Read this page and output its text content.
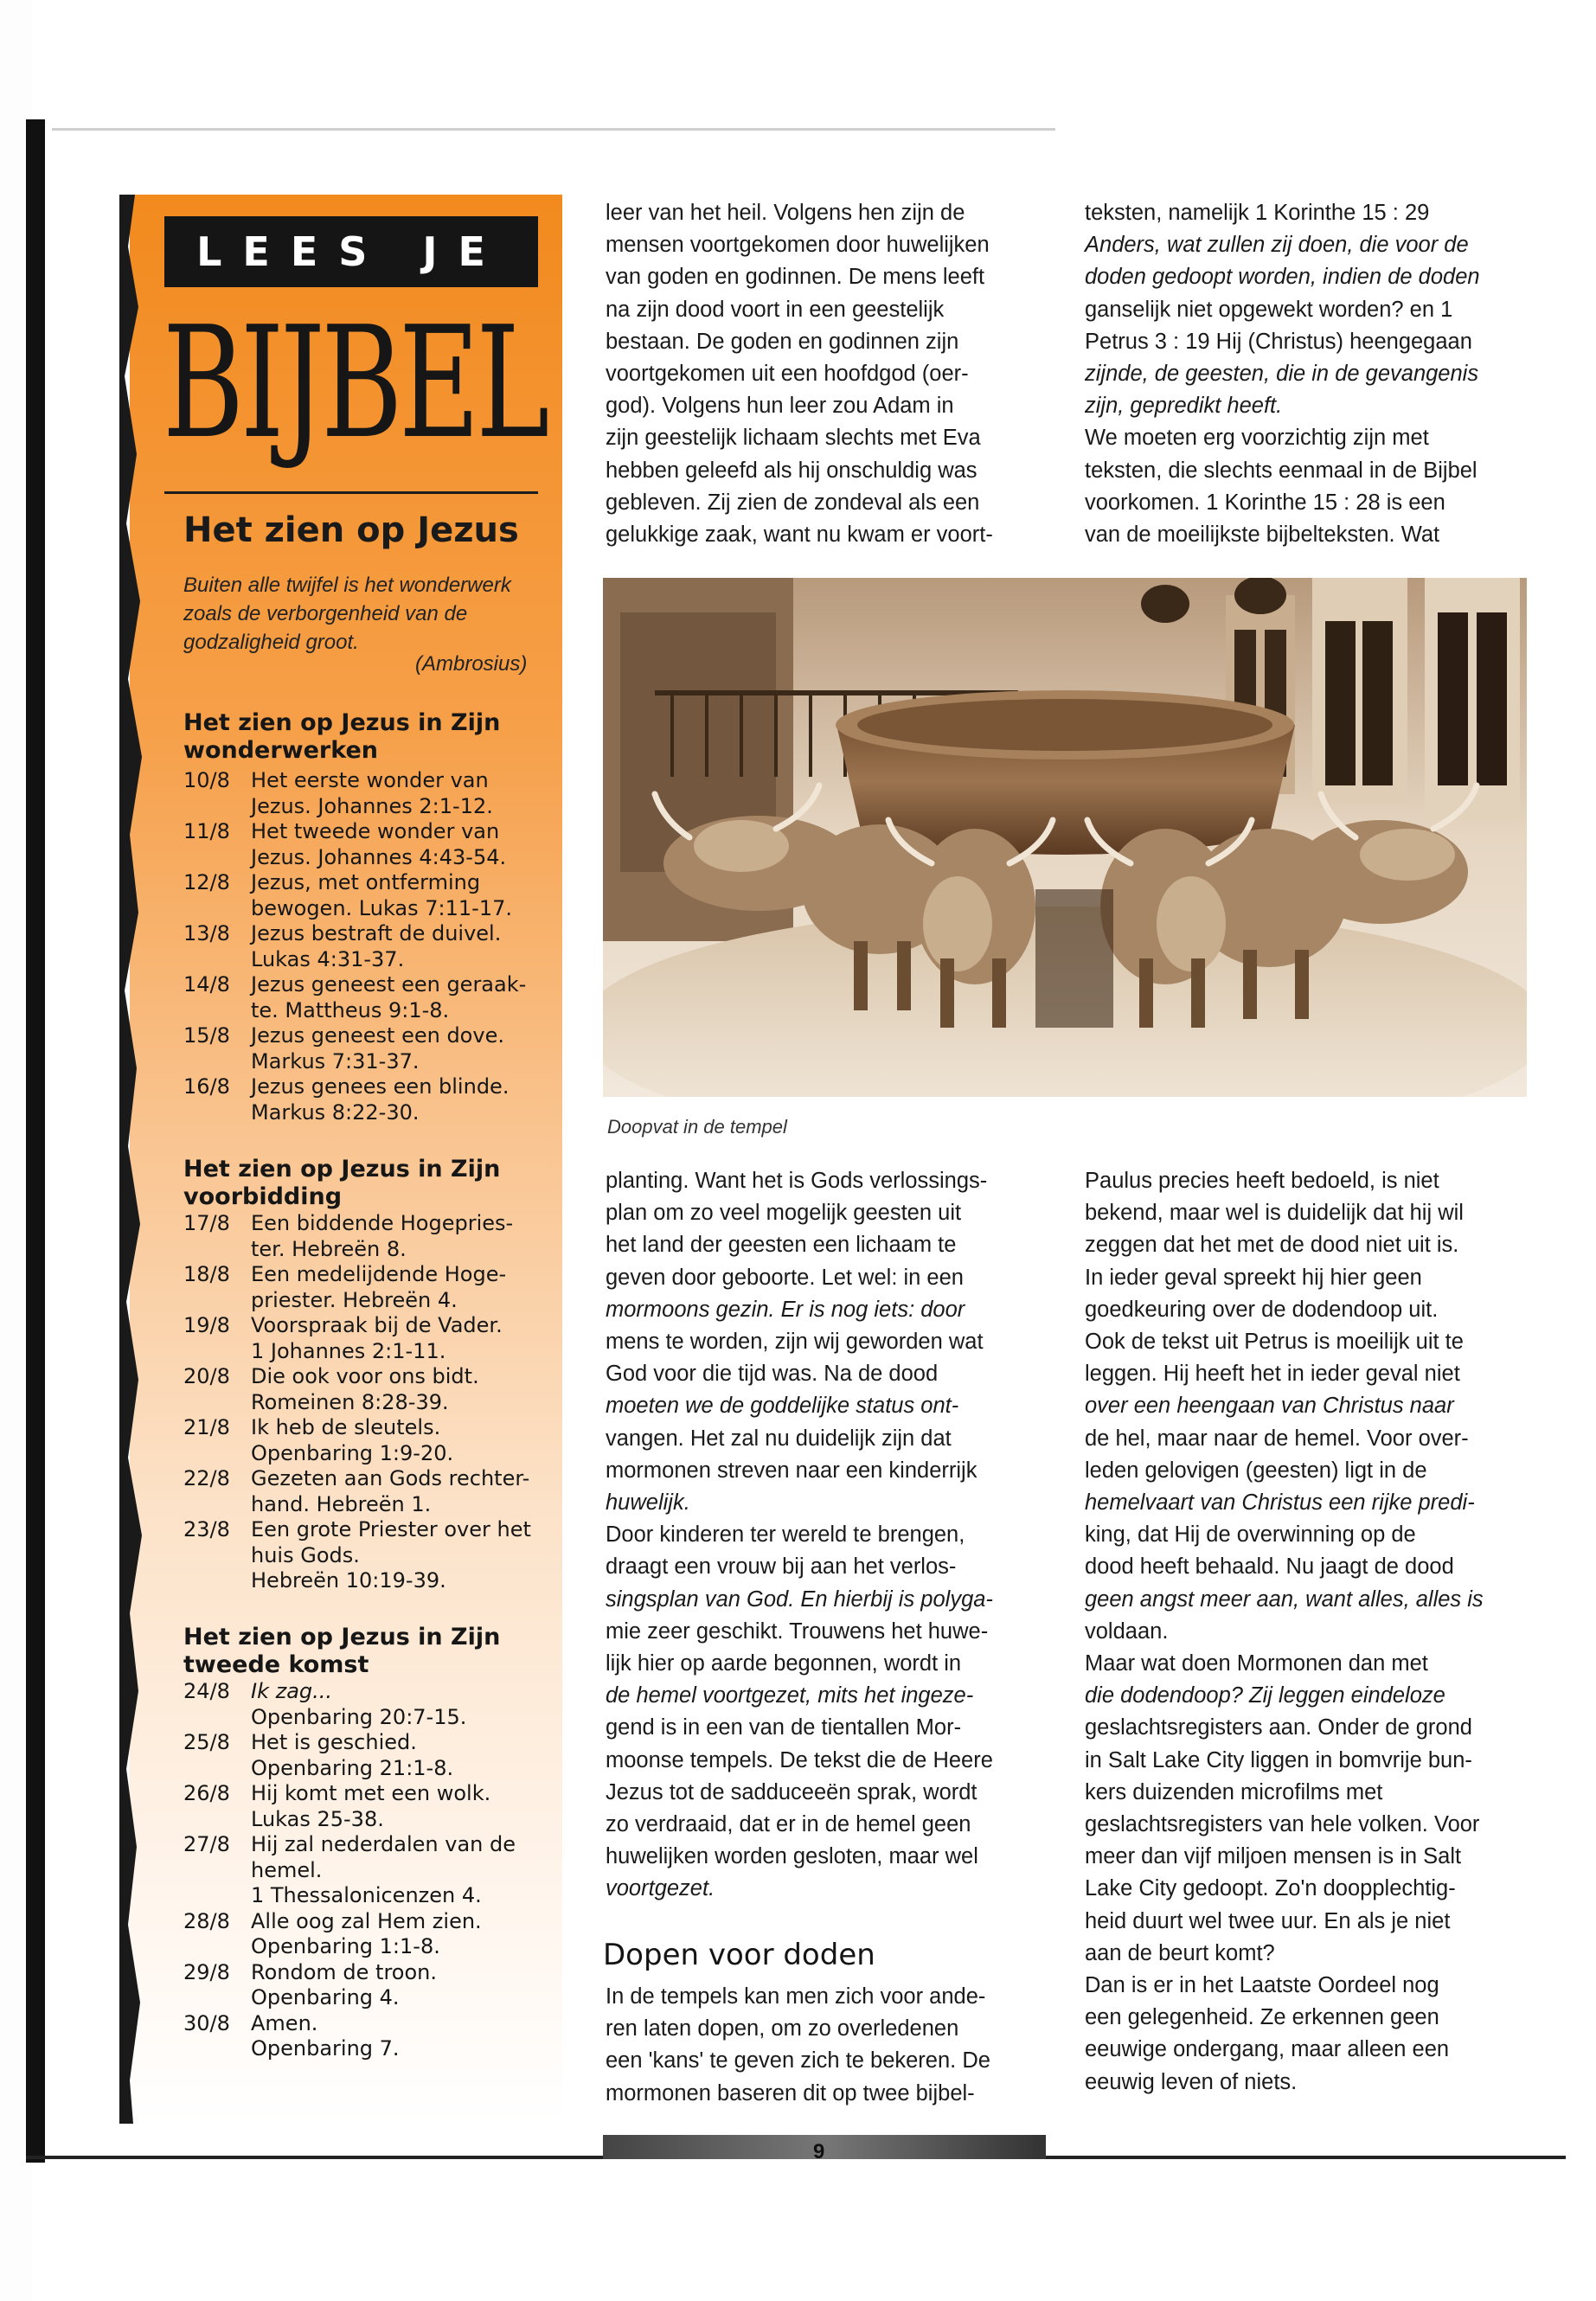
LEES JE
BIJBEL
Het zien op Jezus
Buiten alle twijfel is het wonderwerk zoals de verborgenheid van de godzaligheid groot.
(Ambrosius)
Het zien op Jezus in Zijn
wonderwerken
10/8	Het eerste wonder van
Jezus. Johannes 2:1-12.
11/8	Het tweede wonder van
Jezus. Johannes 4:43-54.
12/8	Jezus, met ontferming
bewogen. Lukas 7:11-17.
13/8	Jezus bestraft de duivel.
Lukas 4:31-37.
14/8	Jezus geneest een geraak-
te. Mattheus 9:1-8.
15/8	Jezus geneest een dove.
Markus 7:31-37.
16/8	Jezus genees een blinde.
Markus 8:22-30.
Het zien op Jezus in Zijn
voorbidding
17/8	Een biddende Hogepries-
ter. Hebreën 8.
18/8	Een medelijdende Hoge-
priester. Hebreën 4.
19/8	Voorspraak bij de Vader.
1 Johannes 2:1-11.
20/8	Die ook voor ons bidt.
Romeinen 8:28-39.
21/8	Ik heb de sleutels.
Openbaring 1:9-20.
22/8	Gezeten aan Gods rechter-
hand. Hebreën 1.
23/8	Een grote Priester over het
huis Gods.
Hebreën 10:19-39.
Het zien op Jezus in Zijn
tweede komst
24/8	Ik zag...
Openbaring 20:7-15.
25/8	Het is geschied.
Openbaring 21:1-8.
26/8	Hij komt met een wolk.
Lukas 25-38.
27/8	Hij zal nederdalen van de
hemel.
1 Thessalonicenzen 4.
28/8	Alle oog zal Hem zien.
Openbaring 1:1-8.
29/8	Rondom de troon.
Openbaring 4.
30/8	Amen.
Openbaring 7.
leer van het heil. Volgens hen zijn de
mensen voortgekomen door huwelijken
van goden en godinnen. De mens leeft
na zijn dood voort in een geestelijk
bestaan. De goden en godinnen zijn
voortgekomen uit een hoofdgod (oer-
god). Volgens hun leer zou Adam in
zijn geestelijk lichaam slechts met Eva
hebben geleefd als hij onschuldig was
gebleven. Zij zien de zondeval als een
gelukkige zaak, want nu kwam er voort-
teksten, namelijk 1 Korinthe 15 : 29
Anders, wat zullen zij doen, die voor de
doden gedoopt worden, indien de doden
ganselijk niet opgewekt worden? en 1
Petrus 3 : 19 Hij (Christus) heengegaan
zijnde, de geesten, die in de gevangenis
zijn, gepredikt heeft.
We moeten erg voorzichtig zijn met
teksten, die slechts eenmaal in de Bijbel
voorkomen. 1 Korinthe 15 : 28 is een
van de moeilijkste bijbelteksten. Wat
Doopvat in de tempel
planting. Want het is Gods verlossings-
plan om zo veel mogelijk geesten uit
het land der geesten een lichaam te
geven door geboorte. Let wel: in een
mormoons gezin. Er is nog iets: door
mens te worden, zijn wij geworden wat
God voor die tijd was. Na de dood
moeten we de goddelijke status ont-
vangen. Het zal nu duidelijk zijn dat
mormonen streven naar een kinderrijk
huwelijk.
Door kinderen ter wereld te brengen,
draagt een vrouw bij aan het verlos-
singsplan van God. En hierbij is polyga-
mie zeer geschikt. Trouwens het huwe-
lijk hier op aarde begonnen, wordt in
de hemel voortgezet, mits het ingeze-
gend is in een van de tientallen Mor-
moonse tempels. De tekst die de Heere
Jezus tot de sadduceeën sprak, wordt
zo verdraaid, dat er in de hemel geen
huwelijken worden gesloten, maar wel
voortgezet.
Dopen voor doden
In de tempels kan men zich voor ande-
ren laten dopen, om zo overledenen
een 'kans' te geven zich te bekeren. De
mormonen baseren dit op twee bijbel-
Paulus precies heeft bedoeld, is niet
bekend, maar wel is duidelijk dat hij wil
zeggen dat het met de dood niet uit is.
In ieder geval spreekt hij hier geen
goedkeuring over de dodendoop uit.
Ook de tekst uit Petrus is moeilijk uit te
leggen. Hij heeft het in ieder geval niet
over een heengaan van Christus naar
de hel, maar naar de hemel. Voor over-
leden gelovigen (geesten) ligt in de
hemelvaart van Christus een rijke predi-
king, dat Hij de overwinning op de
dood heeft behaald. Nu jaagt de dood
geen angst meer aan, want alles, alles is
voldaan.
Maar wat doen Mormonen dan met
die dodendoop? Zij leggen eindeloze
geslachtsregisters aan. Onder de grond
in Salt Lake City liggen in bomvrije bun-
kers duizenden microfilms met
geslachtsregisters van hele volken. Voor
meer dan vijf miljoen mensen is in Salt
Lake City gedoopt. Zo'n doopplechtig-
heid duurt wel twee uur. En als je niet
aan de beurt komt?
Dan is er in het Laatste Oordeel nog
een gelegenheid. Ze erkennen geen
eeuwige ondergang, maar alleen een
eeuwig leven of niets.
9
